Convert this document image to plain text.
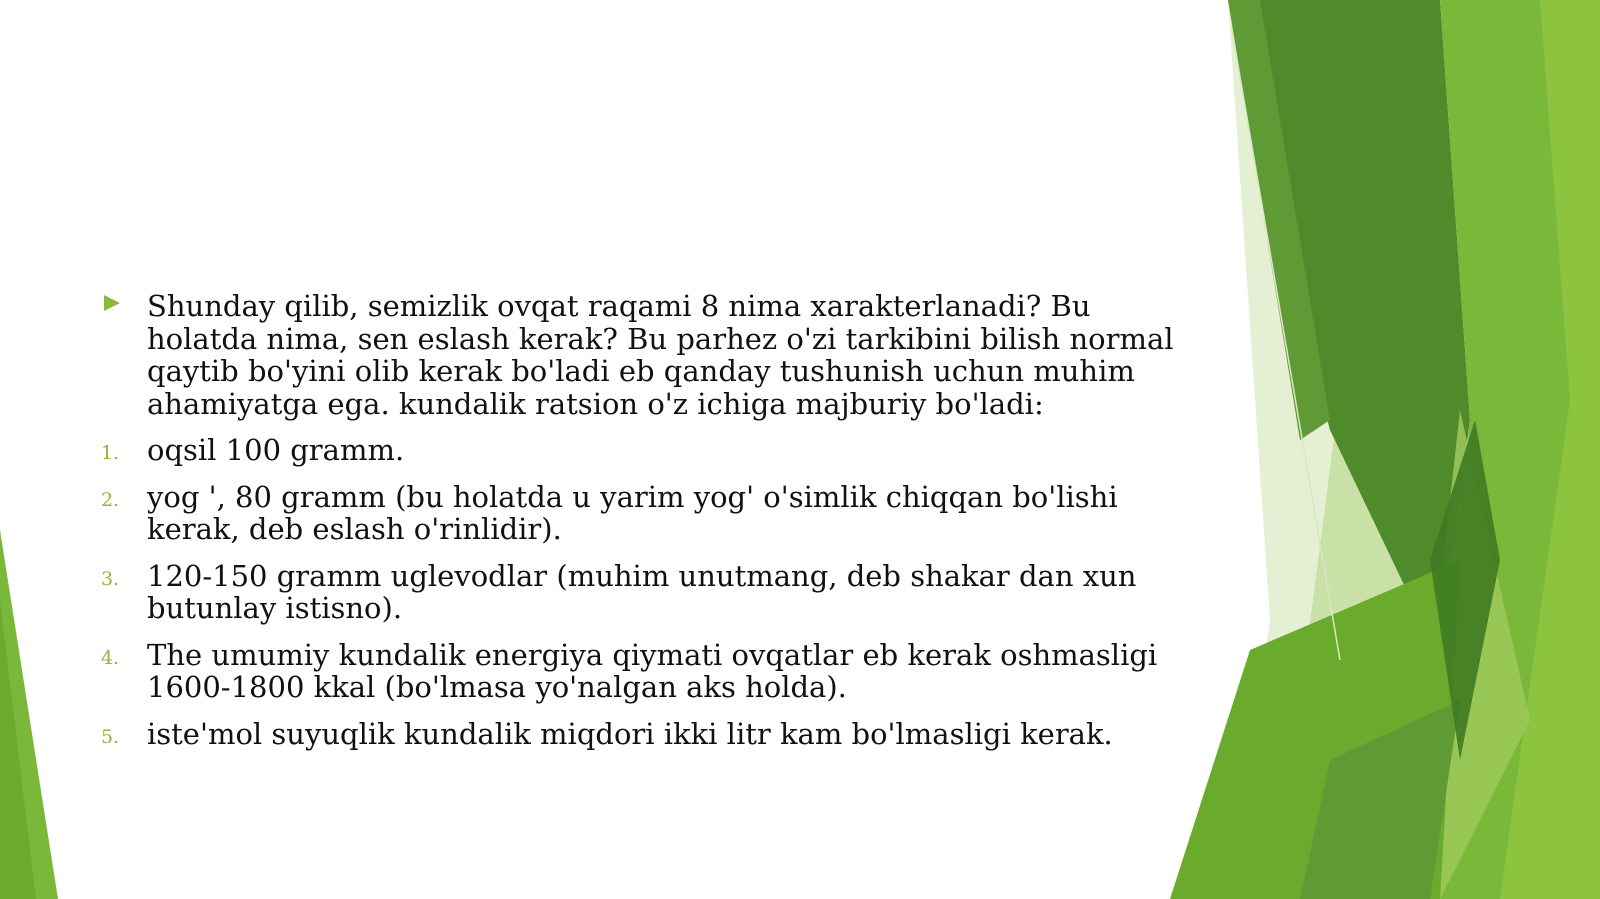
Shunday qilib, semizlik ovqat raqami 8 nima xarakterlanadi? Bu holatda nima, sen eslash kerak? Bu parhez o'zi tarkibini bilish normal qaytib bo'yini olib kerak bo'ladi eb qanday tushunish uchun muhim ahamiyatga ega. kundalik ratsion o'z ichiga majburiy bo'ladi:
1. oqsil 100 gramm.
2. yog ', 80 gramm (bu holatda u yarim yog' o'simlik chiqqan bo'lishi kerak, deb eslash o'rinlidir).
3. 120-150 gramm uglevodlar (muhim unutmang, deb shakar dan xun butunlay istisno).
4. The umumiy kundalik energiya qiymati ovqatlar eb kerak oshmasligi 1600-1800 kkal (bo'lmasa yo'nalgan aks holda).
5. iste'mol suyuqlik kundalik miqdori ikki litr kam bo'lmasligi kerak.
